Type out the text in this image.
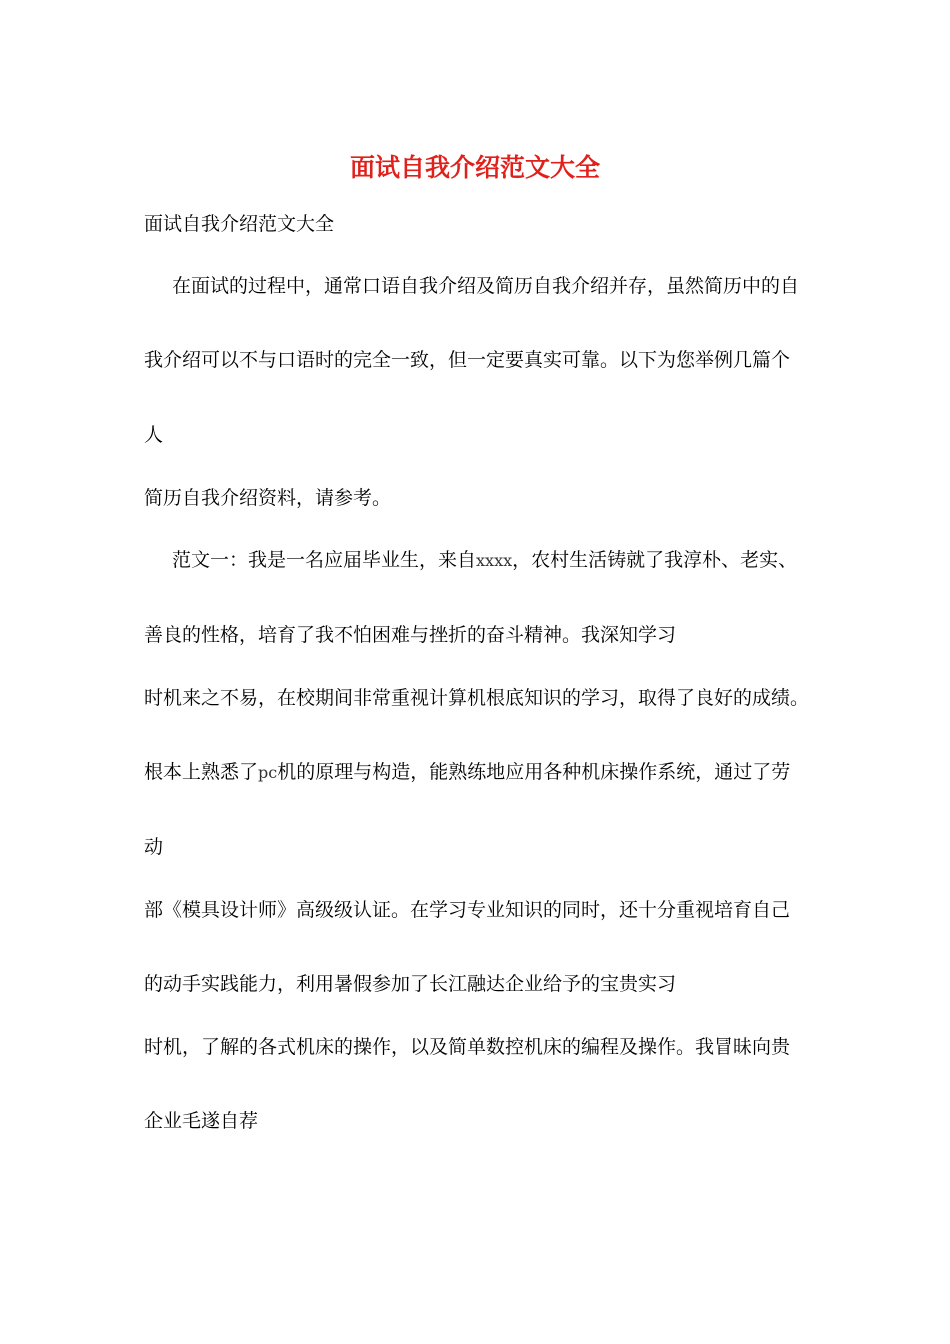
面试自我介绍范文大全

面试自我介绍范文大全

在面试的过程中，通常口语自我介绍及简历自我介绍并存，虽然简历中的自

我介绍可以不与口语时的完全一致，但一定要真实可靠。以下为您举例几篇个

人

简历自我介绍资料，请参考。

范文一：我是一名应届毕业生，来自xxxx，农村生活铸就了我淳朴、老实、

善良的性格，培育了我不怕困难与挫折的奋斗精神。我深知学习

时机来之不易，在校期间非常重视计算机根底知识的学习，取得了良好的成绩。

根本上熟悉了pc机的原理与构造，能熟练地应用各种机床操作系统，通过了劳

动

部《模具设计师》高级级认证。在学习专业知识的同时，还十分重视培育自己

的动手实践能力，利用暑假参加了长江融达企业给予的宝贵实习

时机，了解的各式机床的操作，以及简单数控机床的编程及操作。我冒昧向贵

企业毛遂自荐
